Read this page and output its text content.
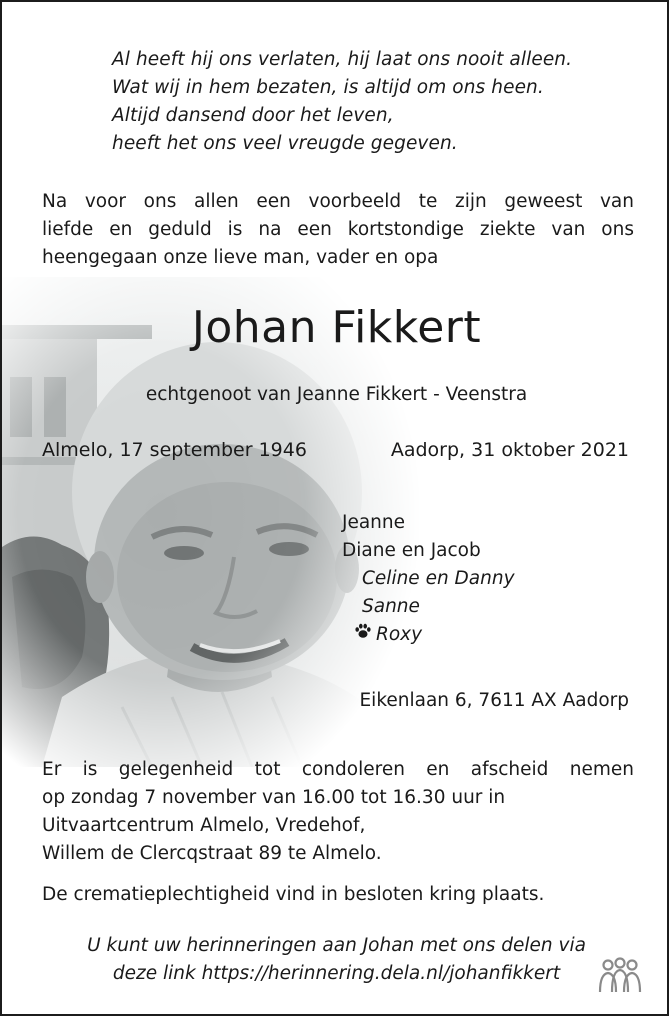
Al heeft hij ons verlaten, hij laat ons nooit alleen.
Wat wij in hem bezaten, is altijd om ons heen.
Altijd dansend door het leven,
heeft het ons veel vreugde gegeven.

Na voor ons allen een voorbeeld te zijn geweest van
liefde en geduld is na een kortstondige ziekte van ons
heengegaan onze lieve man, vader en opa

Johan Fikkert

echtgenoot van Jeanne Fikkert - Veenstra

Almelo, 17 september 1946	Aadorp, 31 oktober 2021

Jeanne
Diane en Jacob
Celine en Danny
Sanne
Roxy

Eikenlaan 6, 7611 AX Aadorp

Er is gelegenheid tot condoleren en afscheid nemen
op zondag 7 november van 16.00 tot 16.30 uur in
Uitvaartcentrum Almelo, Vredehof,
Willem de Clercqstraat 89 te Almelo.

De crematieplechtigheid vind in besloten kring plaats.

U kunt uw herinneringen aan Johan met ons delen via
deze link https://herinnering.dela.nl/johanfikkert
